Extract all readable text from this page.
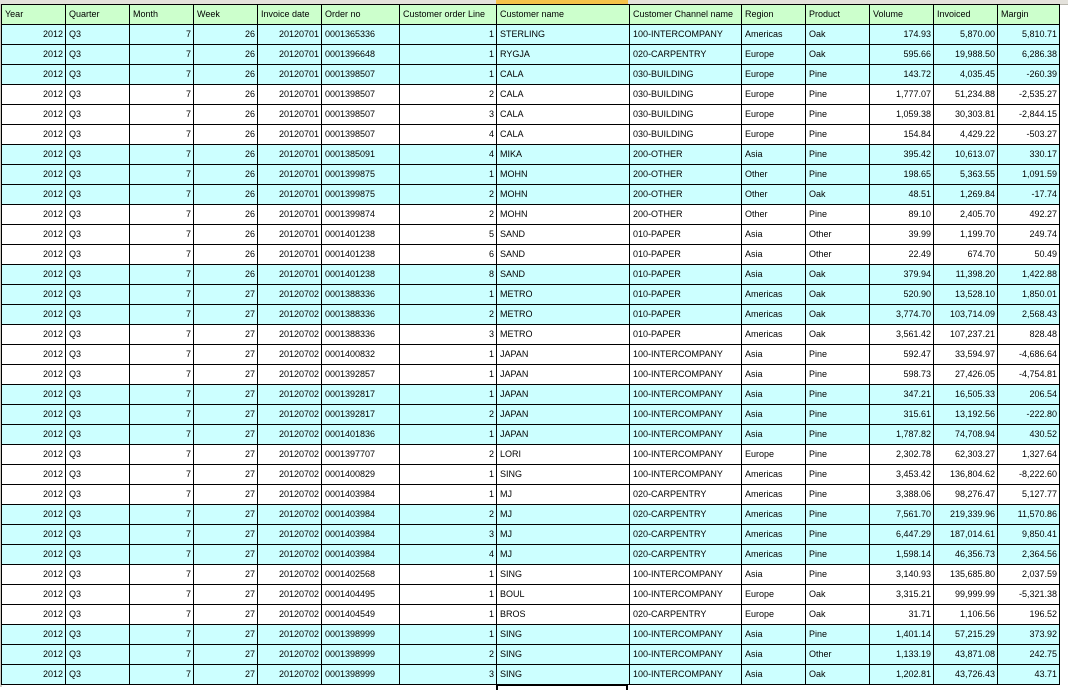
Year	Quarter	Month	Week	Invoice date	Order no	Customer order Line	Customer name	Customer Channel name	Region	Product	Volume	Invoiced	Margin
2012	Q3	7	26	20120701	0001365336	1	STERLING	100-INTERCOMPANY	Americas	Oak	174.93	5,870.00	5,810.71
2012	Q3	7	26	20120701	0001396648	1	RYGJA	020-CARPENTRY	Europe	Oak	595.66	19,988.50	6,286.38
2012	Q3	7	26	20120701	0001398507	1	CALA	030-BUILDING	Europe	Pine	143.72	4,035.45	-260.39
2012	Q3	7	26	20120701	0001398507	2	CALA	030-BUILDING	Europe	Pine	1,777.07	51,234.88	-2,535.27
2012	Q3	7	26	20120701	0001398507	3	CALA	030-BUILDING	Europe	Pine	1,059.38	30,303.81	-2,844.15
2012	Q3	7	26	20120701	0001398507	4	CALA	030-BUILDING	Europe	Pine	154.84	4,429.22	-503.27
2012	Q3	7	26	20120701	0001385091	4	MIKA	200-OTHER	Asia	Pine	395.42	10,613.07	330.17
2012	Q3	7	26	20120701	0001399875	1	MOHN	200-OTHER	Other	Pine	198.65	5,363.55	1,091.59
2012	Q3	7	26	20120701	0001399875	2	MOHN	200-OTHER	Other	Oak	48.51	1,269.84	-17.74
2012	Q3	7	26	20120701	0001399874	2	MOHN	200-OTHER	Other	Pine	89.10	2,405.70	492.27
2012	Q3	7	26	20120701	0001401238	5	SAND	010-PAPER	Asia	Other	39.99	1,199.70	249.74
2012	Q3	7	26	20120701	0001401238	6	SAND	010-PAPER	Asia	Other	22.49	674.70	50.49
2012	Q3	7	26	20120701	0001401238	8	SAND	010-PAPER	Asia	Oak	379.94	11,398.20	1,422.88
2012	Q3	7	27	20120702	0001388336	1	METRO	010-PAPER	Americas	Oak	520.90	13,528.10	1,850.01
2012	Q3	7	27	20120702	0001388336	2	METRO	010-PAPER	Americas	Oak	3,774.70	103,714.09	2,568.43
2012	Q3	7	27	20120702	0001388336	3	METRO	010-PAPER	Americas	Oak	3,561.42	107,237.21	828.48
2012	Q3	7	27	20120702	0001400832	1	JAPAN	100-INTERCOMPANY	Asia	Pine	592.47	33,594.97	-4,686.64
2012	Q3	7	27	20120702	0001392857	1	JAPAN	100-INTERCOMPANY	Asia	Pine	598.73	27,426.05	-4,754.81
2012	Q3	7	27	20120702	0001392817	1	JAPAN	100-INTERCOMPANY	Asia	Pine	347.21	16,505.33	206.54
2012	Q3	7	27	20120702	0001392817	2	JAPAN	100-INTERCOMPANY	Asia	Pine	315.61	13,192.56	-222.80
2012	Q3	7	27	20120702	0001401836	1	JAPAN	100-INTERCOMPANY	Asia	Pine	1,787.82	74,708.94	430.52
2012	Q3	7	27	20120702	0001397707	2	LORI	100-INTERCOMPANY	Europe	Pine	2,302.78	62,303.27	1,327.64
2012	Q3	7	27	20120702	0001400829	1	SING	100-INTERCOMPANY	Americas	Pine	3,453.42	136,804.62	-8,222.60
2012	Q3	7	27	20120702	0001403984	1	MJ	020-CARPENTRY	Americas	Pine	3,388.06	98,276.47	5,127.77
2012	Q3	7	27	20120702	0001403984	2	MJ	020-CARPENTRY	Americas	Pine	7,561.70	219,339.96	11,570.86
2012	Q3	7	27	20120702	0001403984	3	MJ	020-CARPENTRY	Americas	Pine	6,447.29	187,014.61	9,850.41
2012	Q3	7	27	20120702	0001403984	4	MJ	020-CARPENTRY	Americas	Pine	1,598.14	46,356.73	2,364.56
2012	Q3	7	27	20120702	0001402568	1	SING	100-INTERCOMPANY	Asia	Pine	3,140.93	135,685.80	2,037.59
2012	Q3	7	27	20120702	0001404495	1	BOUL	100-INTERCOMPANY	Europe	Oak	3,315.21	99,999.99	-5,321.38
2012	Q3	7	27	20120702	0001404549	1	BROS	020-CARPENTRY	Europe	Oak	31.71	1,106.56	196.52
2012	Q3	7	27	20120702	0001398999	1	SING	100-INTERCOMPANY	Asia	Pine	1,401.14	57,215.29	373.92
2012	Q3	7	27	20120702	0001398999	2	SING	100-INTERCOMPANY	Asia	Other	1,133.19	43,871.08	242.75
2012	Q3	7	27	20120702	0001398999	3	SING	100-INTERCOMPANY	Asia	Oak	1,202.81	43,726.43	43.71
